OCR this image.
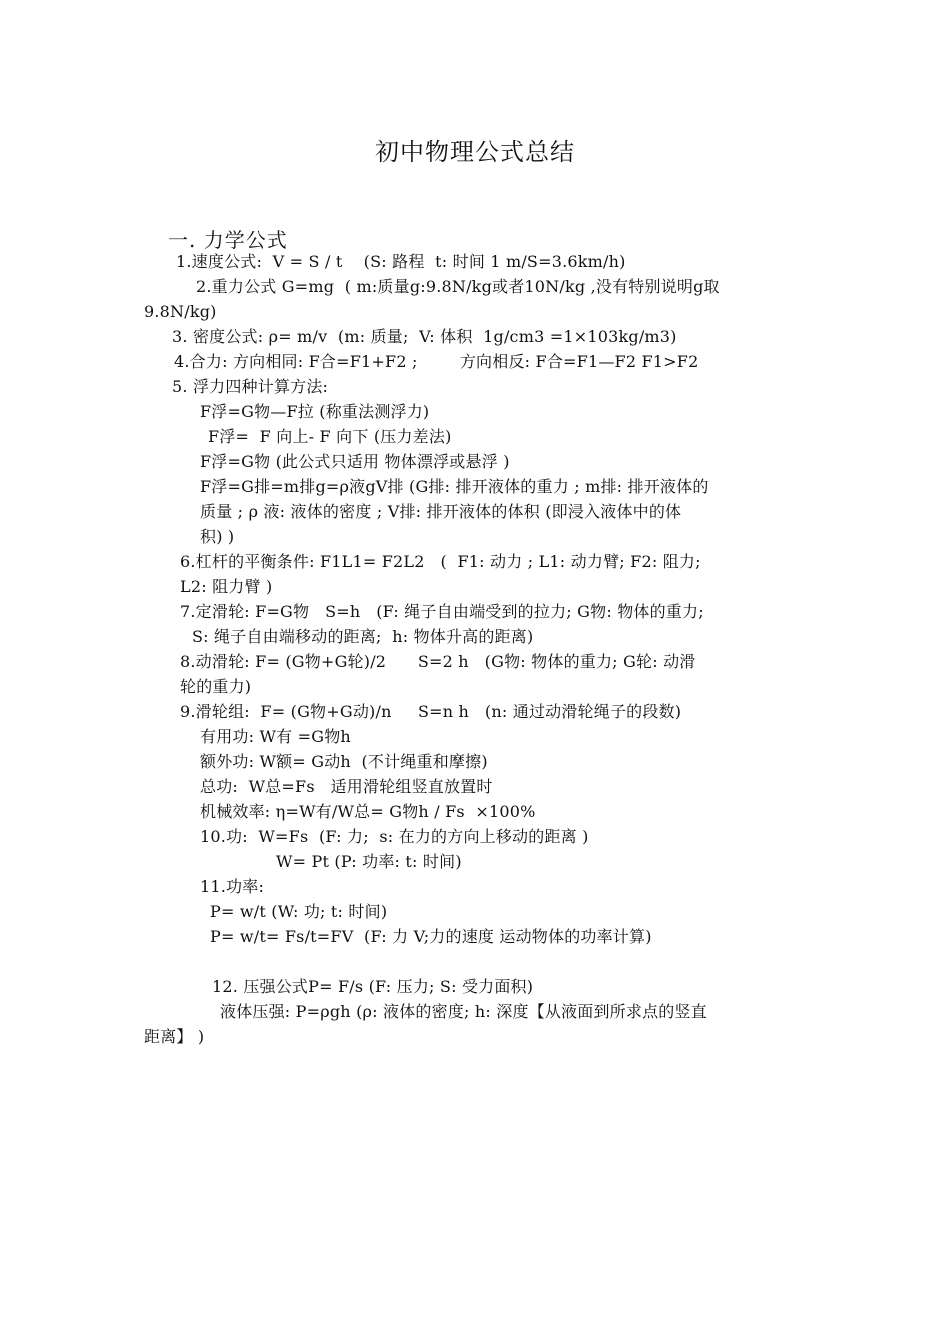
初中物理公式总结
一. 力学公式
1.速度公式:  V = S / t    (S: 路程  t: 时间 1 m/S=3.6km/h)
2.重力公式 G=mg  ( m:质量g:9.8N/kg或者10N/kg ,没有特别说明g取
9.8N/kg)
3. 密度公式: ρ= m/v  (m: 质量;  V: 体积  1g/cm3 =1×103kg/m3)
4.合力: 方向相同: F合=F1+F2 ;        方向相反: F合=F1—F2 F1>F2
5. 浮力四种计算方法:
F浮=G物—F拉 (称重法测浮力)
F浮=  F 向上- F 向下 (压力差法)
F浮=G物 (此公式只适用 物体漂浮或悬浮 )
F浮=G排=m排g=ρ液gV排 (G排: 排开液体的重力 ; m排: 排开液体的
质量 ; ρ 液: 液体的密度 ; V排: 排开液体的体积 (即浸入液体中的体
积) )
6.杠杆的平衡条件: F1L1= F2L2   (  F1: 动力 ; L1: 动力臂; F2: 阻力;
L2: 阻力臂 )
7.定滑轮: F=G物   S=h   (F: 绳子自由端受到的拉力; G物: 物体的重力;
S: 绳子自由端移动的距离;  h: 物体升高的距离)
8.动滑轮: F= (G物+G轮)/2      S=2 h   (G物: 物体的重力; G轮: 动滑
轮的重力)
9.滑轮组:  F= (G物+G动)/n     S=n h   (n: 通过动滑轮绳子的段数)
有用功: W有 =G物h
额外功: W额= G动h  (不计绳重和摩擦)
总功:  W总=Fs   适用滑轮组竖直放置时
机械效率: η=W有/W总= G物h / Fs  ×100%
10.功:  W=Fs  (F: 力;  s: 在力的方向上移动的距离 )
W= Pt (P: 功率: t: 时间)
11.功率:
P= w/t (W: 功; t: 时间)
P= w/t= Fs/t=FV  (F: 力 V;力的速度 运动物体的功率计算)
12. 压强公式P= F/s (F: 压力; S: 受力面积)
液体压强: P=ρgh (ρ: 液体的密度; h: 深度【从液面到所求点的竖直
距离】 )
